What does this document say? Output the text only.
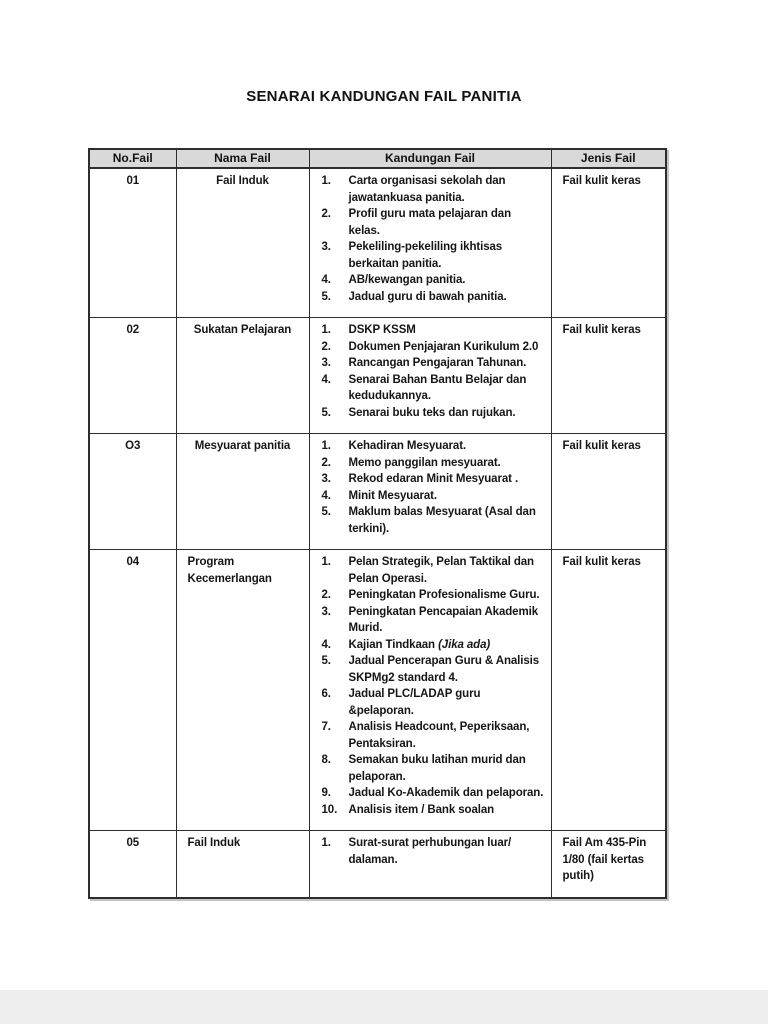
SENARAI KANDUNGAN FAIL PANITIA
No.Fail	Nama Fail	Kandungan Fail	Jenis Fail
01	Fail Induk	1.	Carta organisasi sekolah dan jawatankuasa panitia.
2.	Profil guru mata pelajaran dan kelas.
3.	Pekeliling-pekeliling ikhtisas berkaitan panitia.
4.	AB/kewangan panitia.
5.	Jadual guru di bawah panitia.
	Fail kulit keras
02	Sukatan Pelajaran	1.	DSKP KSSM
2.	Dokumen Penjajaran Kurikulum 2.0
3.	Rancangan Pengajaran Tahunan.
4.	Senarai Bahan Bantu Belajar dan kedudukannya.
5.	Senarai buku teks dan rujukan.
	Fail kulit keras
O3	Mesyuarat panitia	1.	Kehadiran Mesyuarat.
2.	Memo panggilan mesyuarat.
3.	Rekod edaran Minit Mesyuarat .
4.	Minit Mesyuarat.
5.	Maklum balas Mesyuarat (Asal dan terkini).
	Fail kulit keras
04	Program Kecemerlangan	
1.	Pelan Strategik, Pelan Taktikal dan Pelan Operasi.
2.	Peningkatan Profesionalisme Guru.
3.	Peningkatan Pencapaian Akademik Murid.
4.	Kajian Tindkaan (Jika ada)
5.	Jadual Pencerapan Guru & Analisis SKPMg2 standard 4.
6.	Jadual PLC/LADAP guru &pelaporan.
7.	Analisis Headcount, Peperiksaan, Pentaksiran.
8.	Semakan buku latihan murid dan pelaporan.
9.	Jadual Ko-Akademik dan pelaporan.
10. Analisis item / Bank soalan
	Fail kulit keras
05	Fail Induk	1. Surat-surat perhubungan luar/ dalaman.	Fail Am 435-Pin 1/80 (fail kertas putih)
